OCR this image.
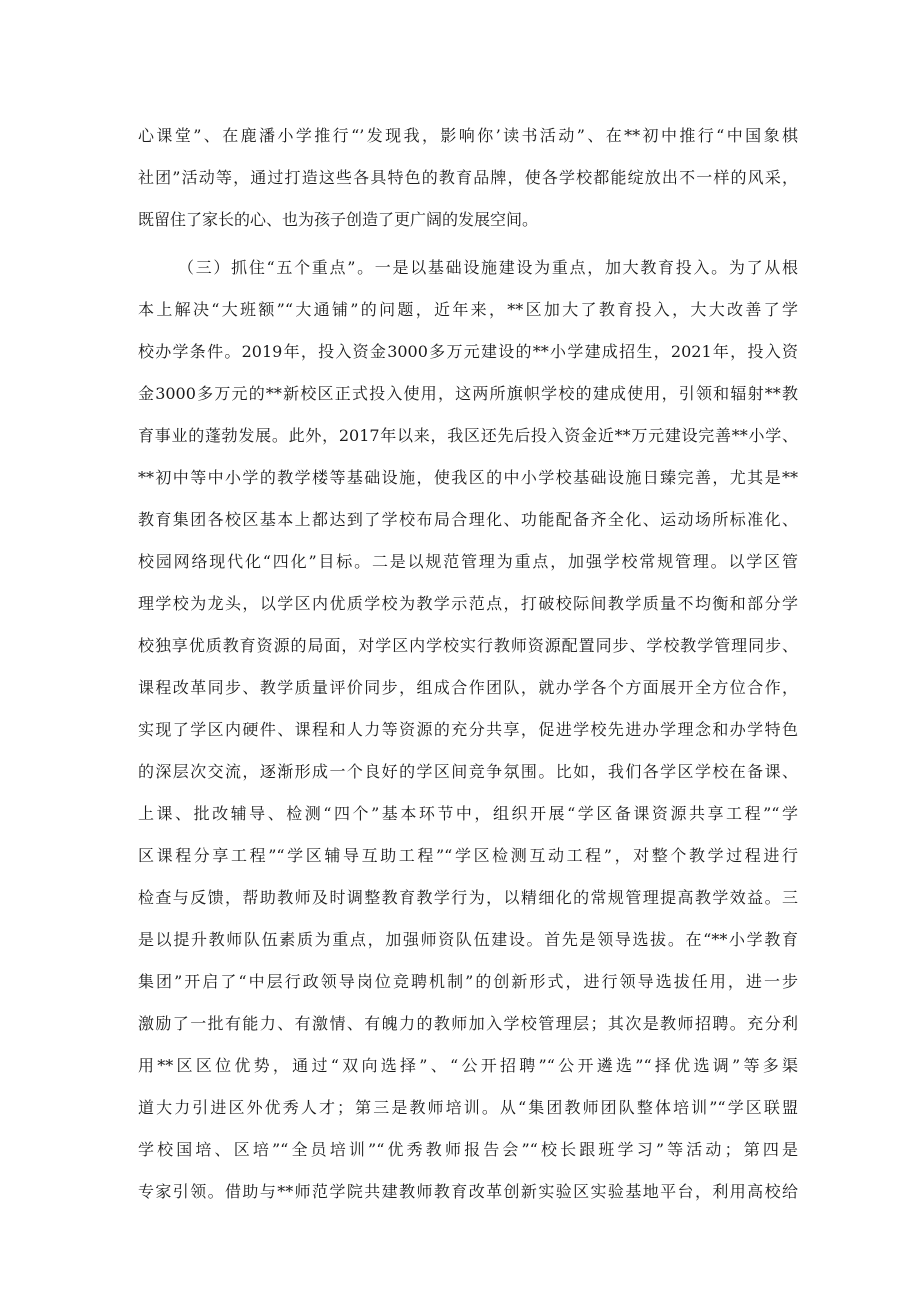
心课堂”、在鹿潘小学推行“’发现我，影响你’读书活动”、在**初中推行“中国象棋
社团”活动等，通过打造这些各具特色的教育品牌，使各学校都能绽放出不一样的风采，
既留住了家长的心、也为孩子创造了更广阔的发展空间。
（三）抓住“五个重点”。一是以基础设施建设为重点，加大教育投入。为了从根
本上解决“大班额”“大通铺”的问题，近年来，**区加大了教育投入，大大改善了学
校办学条件。2019年，投入资金3000多万元建设的**小学建成招生，2021年，投入资
金3000多万元的**新校区正式投入使用，这两所旗帜学校的建成使用，引领和辐射**教
育事业的蓬勃发展。此外，2017年以来，我区还先后投入资金近**万元建设完善**小学、
**初中等中小学的教学楼等基础设施，使我区的中小学校基础设施日臻完善，尤其是**
教育集团各校区基本上都达到了学校布局合理化、功能配备齐全化、运动场所标准化、
校园网络现代化“四化”目标。二是以规范管理为重点，加强学校常规管理。以学区管
理学校为龙头，以学区内优质学校为教学示范点，打破校际间教学质量不均衡和部分学
校独享优质教育资源的局面，对学区内学校实行教师资源配置同步、学校教学管理同步、
课程改革同步、教学质量评价同步，组成合作团队，就办学各个方面展开全方位合作，
实现了学区内硬件、课程和人力等资源的充分共享，促进学校先进办学理念和办学特色
的深层次交流，逐渐形成一个良好的学区间竞争氛围。比如，我们各学区学校在备课、
上课、批改辅导、检测“四个”基本环节中，组织开展“学区备课资源共享工程”“学
区课程分享工程”“学区辅导互助工程”“学区检测互动工程”，对整个教学过程进行
检查与反馈，帮助教师及时调整教育教学行为，以精细化的常规管理提高教学效益。三
是以提升教师队伍素质为重点，加强师资队伍建设。首先是领导选拔。在“**小学教育
集团”开启了“中层行政领导岗位竞聘机制”的创新形式，进行领导选拔任用，进一步
激励了一批有能力、有激情、有魄力的教师加入学校管理层；其次是教师招聘。充分利
用**区区位优势，通过“双向选择”、“公开招聘”“公开遴选”“择优选调”等多渠
道大力引进区外优秀人才；第三是教师培训。从“集团教师团队整体培训”“学区联盟
学校国培、区培”“全员培训”“优秀教师报告会”“校长跟班学习”等活动；第四是
专家引领。借助与**师范学院共建教师教育改革创新实验区实验基地平台，利用高校给
